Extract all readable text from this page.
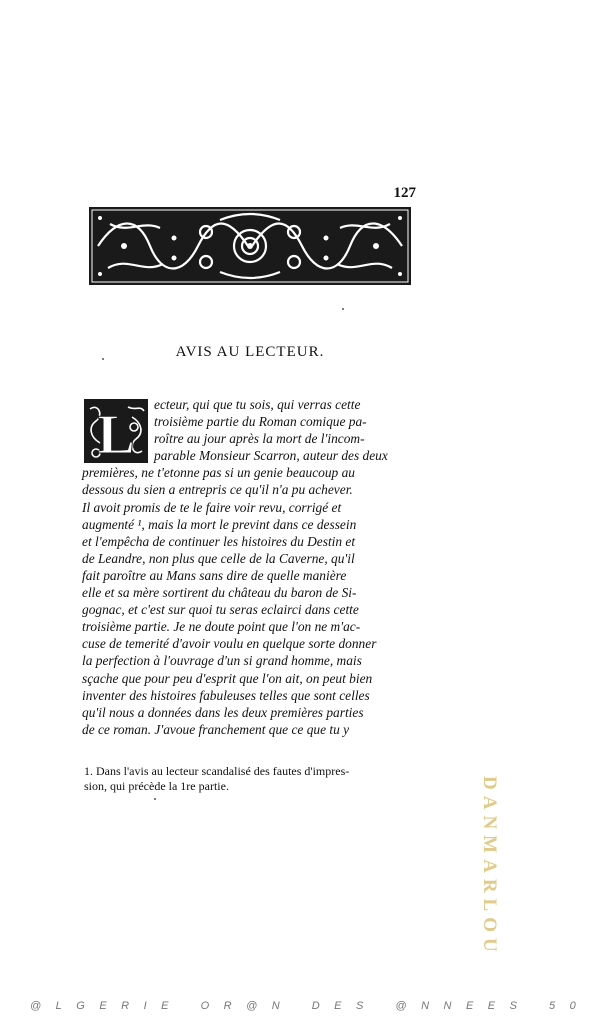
127
AVIS AU LECTEUR.
L	ecteur, qui que tu sois, qui verras cette
troisième partie du Roman comique pa-
roître au jour après la mort de l'incom-
parable Monsieur Scarron, auteur des deux
premières, ne t'etonne pas si un genie beaucoup au
dessous du sien a entrepris ce qu'il n'a pu achever.
Il avoit promis de te le faire voir revu, corrigé et
augmenté ¹, mais la mort le prevint dans ce dessein
et l'empêcha de continuer les histoires du Destin et
de Leandre, non plus que celle de la Caverne, qu'il
fait paroître au Mans sans dire de quelle manière
elle et sa mère sortirent du château du baron de Si-
gognac, et c'est sur quoi tu seras eclairci dans cette
troisième partie. Je ne doute point que l'on ne m'ac-
cuse de temerité d'avoir voulu en quelque sorte donner
la perfection à l'ouvrage d'un si grand homme, mais
sçache que pour peu d'esprit que l'on ait, on peut bien
inventer des histoires fabuleuses telles que sont celles
qu'il nous a données dans les deux premières parties
de ce roman. J'avoue franchement que ce que tu y
1. Dans l'avis au lecteur scandalisé des fautes d'impres-
sion, qui précède la 1re partie.	DANMARLOU
@LGERIE OR@N DES @NNEES 50
